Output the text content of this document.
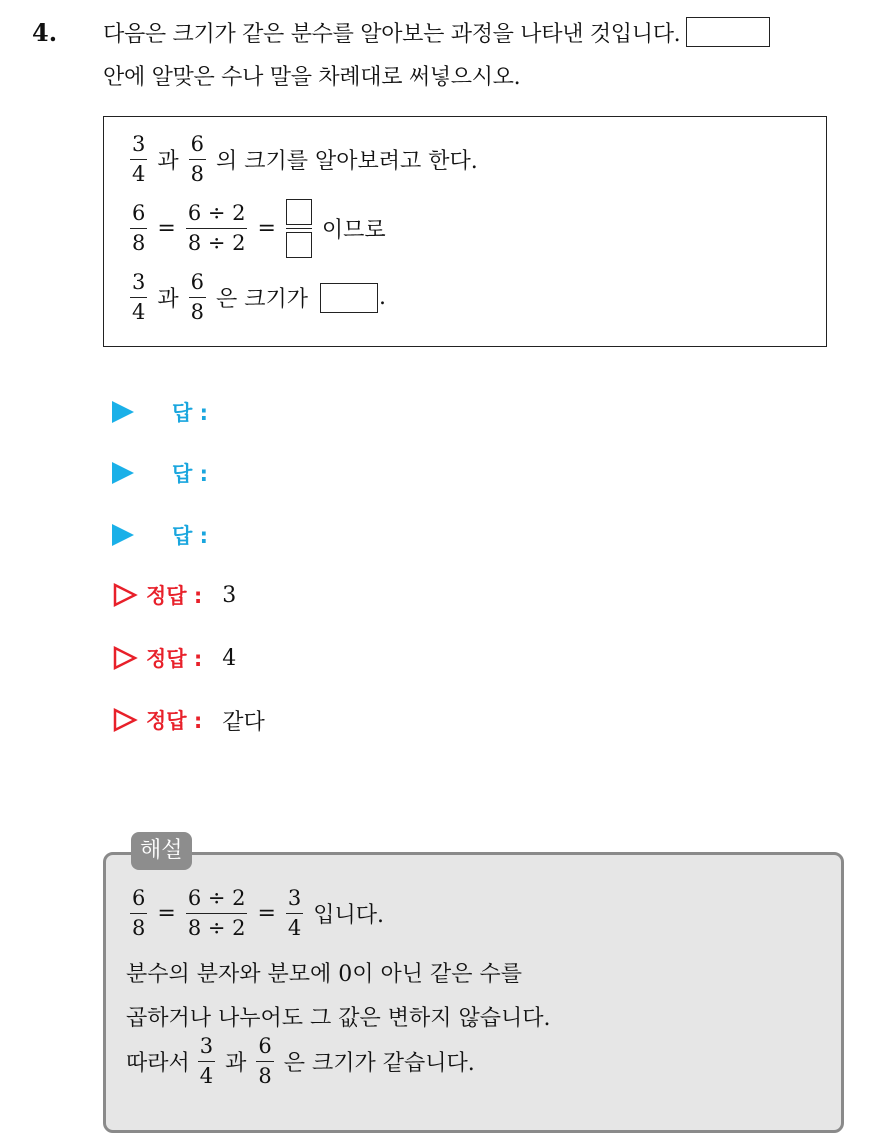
4. 다음은 크기가 같은 분수를 알아보는 과정을 나타낸 것입니다.
안에 알맞은 수나 말을 차례대로 써넣으시오.
$\frac{3}{4}$ 과 $\frac{6}{8}$ 의 크기를 알아보려고 한다.
$\frac{6}{8} = \frac{6 \div 2}{8 \div 2}$ = 이므로
$\frac{3}{4}$ 과 $\frac{6}{8}$ 은 크기가	.
답 :
답 :
답 :
정답 : 3
정답 : 4
정답 : 같다
$\frac{6}{8} = \frac{6 \div 2}{8 \div 2} = \frac{3}{4}$ 입니다.
분수의 분자와 분모에 0이 아닌 같은 수를
곱하거나 나누어도 그 값은 변하지 않습니다.
따라서 $\frac{3}{4}$ 과 $\frac{6}{8}$ 은 크기가 같습니다.
해설
